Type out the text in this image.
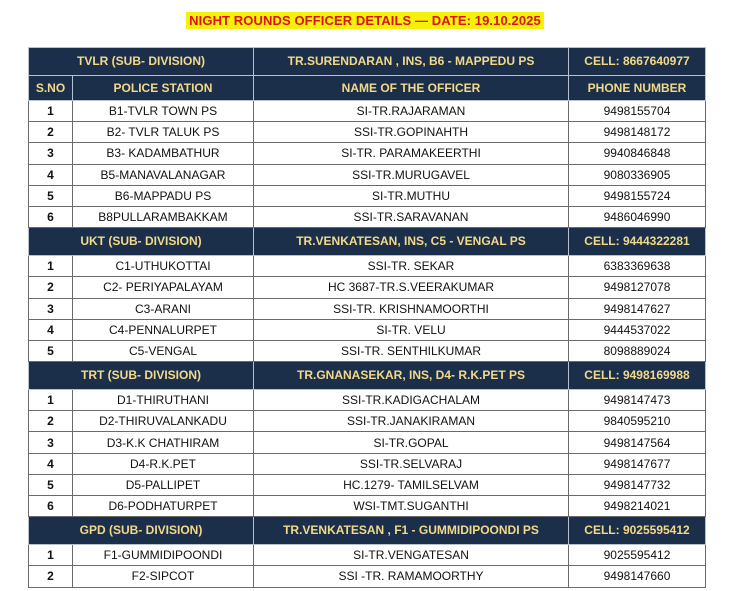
NIGHT ROUNDS OFFICER DETAILS — DATE: 19.10.2025
TVLR (SUB- DIVISION)		TR.SURENDARAN , INS, B6 - MAPPEDU PS	CELL: 8667640977
S.NO	POLICE STATION	NAME OF THE OFFICER	PHONE NUMBER
1	B1-TVLR TOWN PS	SI-TR.RAJARAMAN	9498155704
2	B2- TVLR TALUK PS	SSI-TR.GOPINAHTH	9498148172
3	B3- KADAMBATHUR	SI-TR. PARAMAKEERTHI	9940846848
4	B5-MANAVALANAGAR	SSI-TR.MURUGAVEL	9080336905
5	B6-MAPPADU PS	SI-TR.MUTHU	9498155724
6	B8PULLARAMBAKKAM	SSI-TR.SARAVANAN	9486046990
UKT (SUB- DIVISION)		TR.VENKATESAN, INS, C5 - VENGAL PS	CELL: 9444322281
1	C1-UTHUKOTTAI	SSI-TR. SEKAR	6383369638
2	C2- PERIYAPALAYAM	HC 3687-TR.S.VEERAKUMAR	9498127078
3	C3-ARANI	SSI-TR. KRISHNAMOORTHI	9498147627
4	C4-PENNALURPET	SI-TR. VELU	9444537022
5	C5-VENGAL	SSI-TR. SENTHILKUMAR	8098889024
TRT (SUB- DIVISION)		TR.GNANASEKAR, INS, D4- R.K.PET PS	CELL: 9498169988
1	D1-THIRUTHANI	SSI-TR.KADIGACHALAM	9498147473
2	D2-THIRUVALANKADU	SSI-TR.JANAKIRAMAN	9840595210
3	D3-K.K CHATHIRAM	SI-TR.GOPAL	9498147564
4	D4-R.K.PET	SSI-TR.SELVARAJ	9498147677
5	D5-PALLIPET	HC.1279- TAMILSELVAM	9498147732
6	D6-PODHATURPET	WSI-TMT.SUGANTHI	9498214021
GPD (SUB- DIVISION)		TR.VENKATESAN , F1 - GUMMIDIPOONDI PS	CELL: 9025595412
1	F1-GUMMIDIPOONDI	SI-TR.VENGATESAN	9025595412
2	F2-SIPCOT	SSI -TR. RAMAMOORTHY	9498147660
